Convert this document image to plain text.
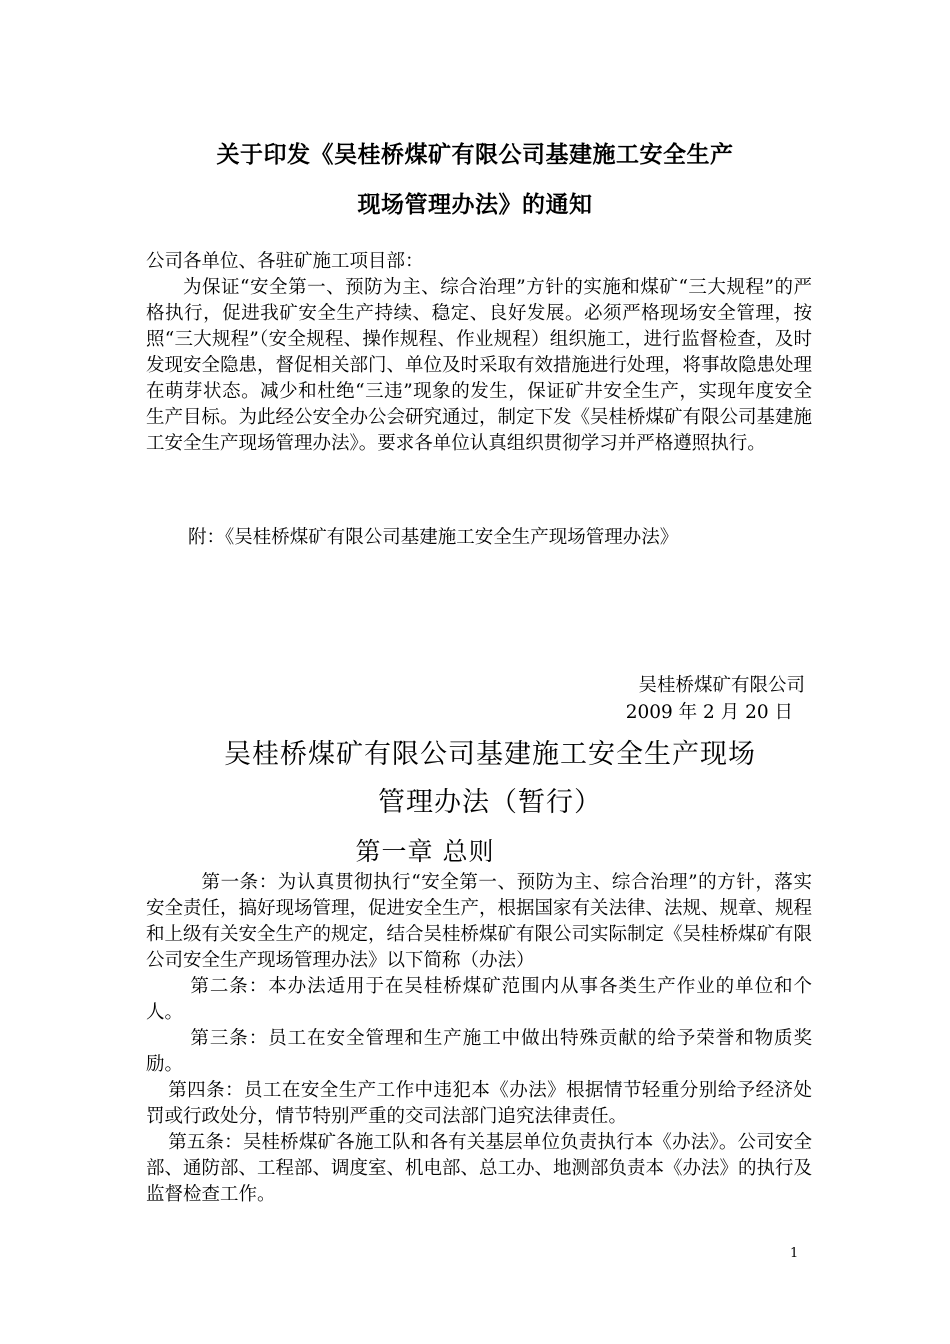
关于印发《吴桂桥煤矿有限公司基建施工安全生产
现场管理办法》的通知
公司各单位、各驻矿施工项目部：
为保证“安全第一、预防为主、综合治理”方针的实施和煤矿“三大规程”的严格执行，促进我矿安全生产持续、稳定、良好发展。必须严格现场安全管理，按照“三大规程”（安全规程、操作规程、作业规程）组织施工，进行监督检查，及时发现安全隐患，督促相关部门、单位及时采取有效措施进行处理，将事故隐患处理在萌芽状态。减少和杜绝“三违”现象的发生，保证矿井安全生产，实现年度安全生产目标。为此经公安全办公会研究通过，制定下发《吴桂桥煤矿有限公司基建施工安全生产现场管理办法》。要求各单位认真组织贯彻学习并严格遵照执行。
附：《吴桂桥煤矿有限公司基建施工安全生产现场管理办法》
吴桂桥煤矿有限公司
2009 年 2 月 20 日
吴桂桥煤矿有限公司基建施工安全生产现场
管理办法（暂行）
第一章 总则

第一条：为认真贯彻执行“安全第一、预防为主、综合治理”的方针，落实安全责任，搞好现场管理，促进安全生产，根据国家有关法律、法规、规章、规程和上级有关安全生产的规定，结合吴桂桥煤矿有限公司实际制定《吴桂桥煤矿有限公司安全生产现场管理办法》以下简称（办法）

第二条：本办法适用于在吴桂桥煤矿范围内从事各类生产作业的单位和个人。

第三条：员工在安全管理和生产施工中做出特殊贡献的给予荣誉和物质奖励。

第四条：员工在安全生产工作中违犯本《办法》根据情节轻重分别给予经济处罚或行政处分，情节特别严重的交司法部门追究法律责任。

第五条：吴桂桥煤矿各施工队和各有关基层单位负责执行本《办法》。公司安全部、通防部、工程部、调度室、机电部、总工办、地测部负责本《办法》的执行及监督检查工作。

1
